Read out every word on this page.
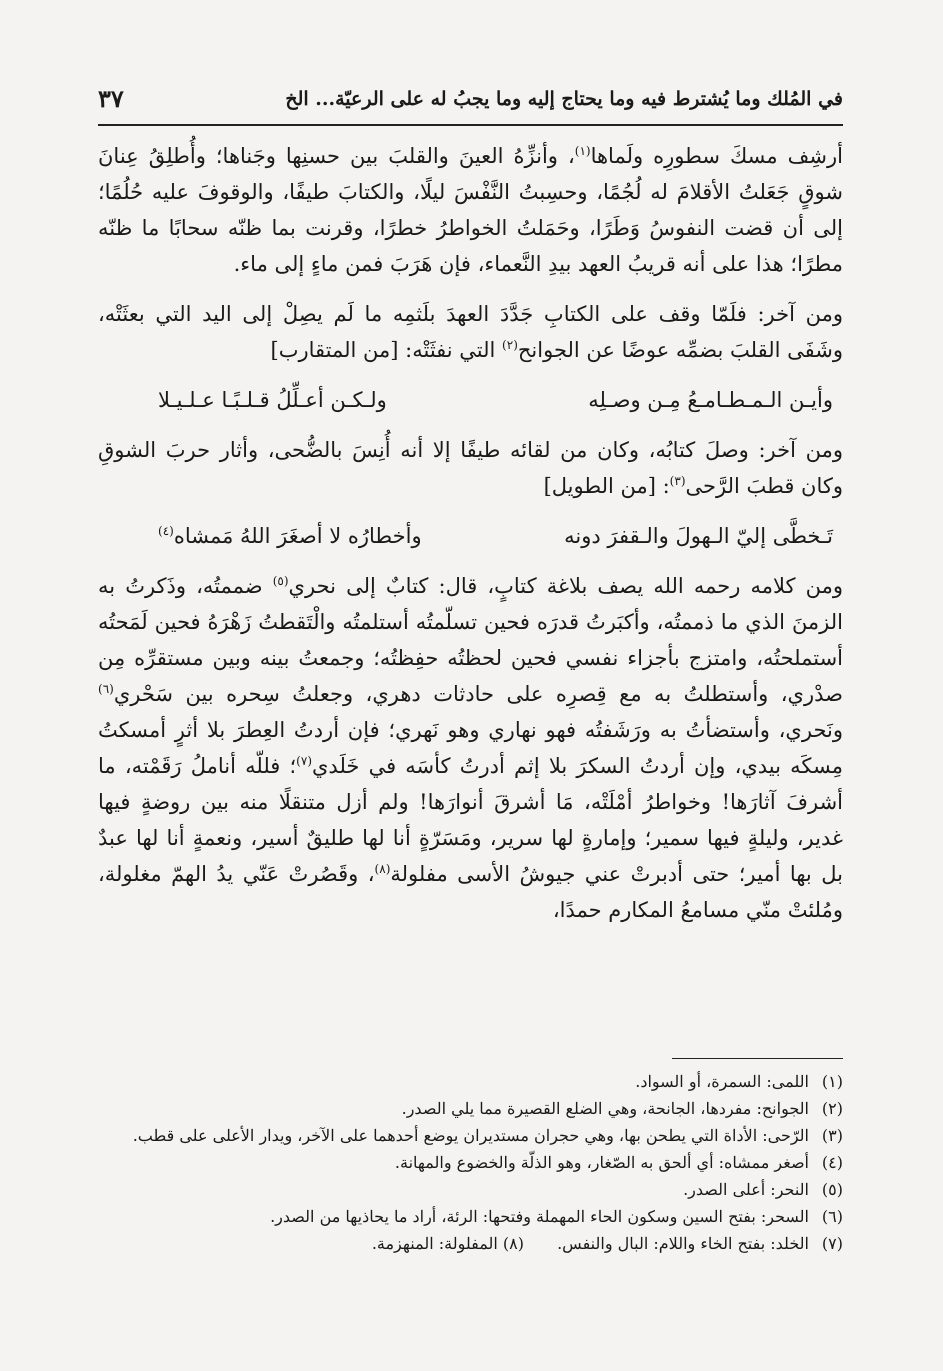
في المُلك وما يُشترط فيه وما يحتاج إليه وما يجبُ له على الرعيّة... الخ
٣٧

أرشِف مسكَ سطورِه ولَماها$^{(١)}$، وأنزِّهُ العينَ والقلبَ بين حسنِها وجَناها؛ وأُطلِقُ عِنانَ شوقٍ جَعَلتُ الأقلامَ له لُجُمًا، وحسِبتُ النَّفْسَ ليلًا، والكتابَ طيفًا، والوقوفَ عليه حُلُمًا؛ إلى أن قضت النفوسُ وَطَرًا، وحَمَلتُ الخواطرُ خطرًا، وقرنت بما ظنّه سحابًا ما ظنّه مطرًا؛ هذا على أنه قريبُ العهد بيدِ النَّعماء، فإن هَرَبَ فمن ماءٍ إلى ماء.

ومن آخر: فلَمّا وقف على الكتابِ جَدَّدَ العهدَ بلَثمِه ما لَم يصِلْ إلى اليد التي بعثَتْه، وشَفَى القلبَ بضمِّه عوضًا عن الجوانح$^{(٢)}$ التي نفثَتْه: [من المتقارب]

وأيـن الـمـطـامـعُ مِـن وصـلِه
ولـكـن أعـلِّلُ قـلـبًـا عـلـيـلا

ومن آخر: وصلَ كتابُه، وكان من لقائه طيفًا إلا أنه أُنِسَ بالضُّحى، وأثار حربَ الشوقِ وكان قطبَ الرَّحى$^{(٣)}$: [من الطويل]

تَـخطَّى إليّ الـهولَ والـقفرَ دونه
وأخطارُه لا أصغَرَ اللهُ مَمشاه$^{(٤)}$

ومن كلامه رحمه الله يصف بلاغة كتابٍ، قال: كتابٌ إلى نحري$^{(٥)}$ ضممتُه، وذَكرتُ به الزمنَ الذي ما ذممتُه، وأكبَرتُ قدرَه فحين تسلّمتُه أستلمتُه والْتَقطتُ زَهْرَهُ فحين لَمَحتُه أستملحتُه، وامتزج بأجزاء نفسي فحين لحظتُه حفِظتُه؛ وجمعتُ بينه وبين مستقرِّه مِن صدْري، وأستطلتُ به مع قِصرِه على حادثات دهري، وجعلتُ سِحره بين سَحْري$^{(٦)}$ ونَحري، وأستضأتُ به ورَشَفتُه فهو نهاري وهو نَهري؛ فإن أردتُ العِطرَ بلا أثرٍ أمسكتُ مِسكَه بيدي، وإن أردتُ السكرَ بلا إثم أدرتُ كأسَه في خَلَدي$^{(٧)}$؛ فللّه أناملُ رَقَمْته، ما أشرفَ آثارَها! وخواطرُ أمْلَتْه، مَا أشرقَ أنوارَها! ولم أزل متنقلًا منه بين روضةٍ فيها غدير، وليلةٍ فيها سمير؛ وإمارةٍ لها سرير، ومَسَرّةٍ أنا لها طليقٌ أسير، ونعمةٍ أنا لها عبدٌ بل بها أمير؛ حتى أدبرتْ عني جيوشُ الأسى مفلولة$^{(٨)}$، وقَصُرتْ عَنّي يدُ الهمّ مغلولة، ومُلئتْ منّي مسامعُ المكارم حمدًا،

(١)
اللمى: السمرة، أو السواد.
(٢)
الجوانح: مفردها، الجانحة، وهي الضلع القصيرة مما يلي الصدر.
(٣)
الرّحى: الأداة التي يطحن بها، وهي حجران مستديران يوضع أحدهما على الآخر، ويدار الأعلى على قطب.
(٤)
أصغر ممشاه: أي ألحق به الصّغار، وهو الذلّة والخضوع والمهانة.
(٥)
النحر: أعلى الصدر.
(٦)
السحر: بفتح السين وسكون الحاء المهملة وفتحها: الرئة، أراد ما يحاذيها من الصدر.
(٧)
الخلد: بفتح الخاء واللام: البال والنفس. (٨) المفلولة: المنهزمة.
